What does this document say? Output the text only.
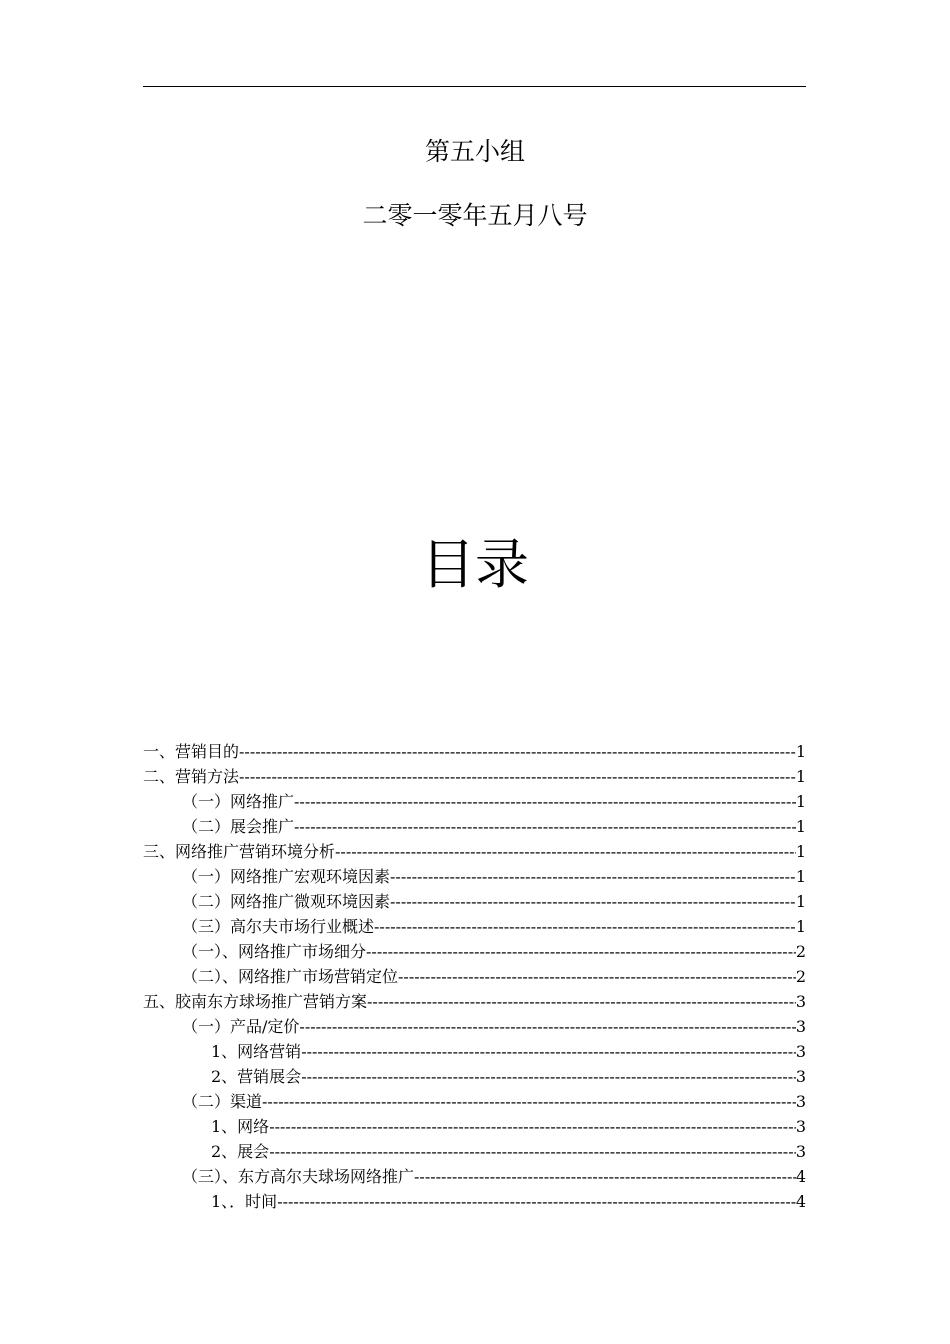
第五小组
二零一零年五月八号
目录
一、营销目的 -----	1
二、营销方法 -----	1
（一）网络推广 -----	1
（二）展会推广 -----	1
三、网络推广营销环境分析 -----	1
（一）网络推广宏观环境因素 -----	1
（二）网络推广微观环境因素 -----	1
（三）高尔夫市场行业概述 -----	1
（一）、网络推广市场细分 -----	2
（二）、网络推广市场营销定位 -----	2
五、胶南东方球场推广营销方案 -----	3
（一）产品/定价 -----	3
1、网络营销 -----	3
2、营销展会 -----	3
（二）渠道 -----	3
1、网络 -----	3
2、展会 -----	3
（三）、东方高尔夫球场网络推广 -----	4
1、．时间 -----	4
